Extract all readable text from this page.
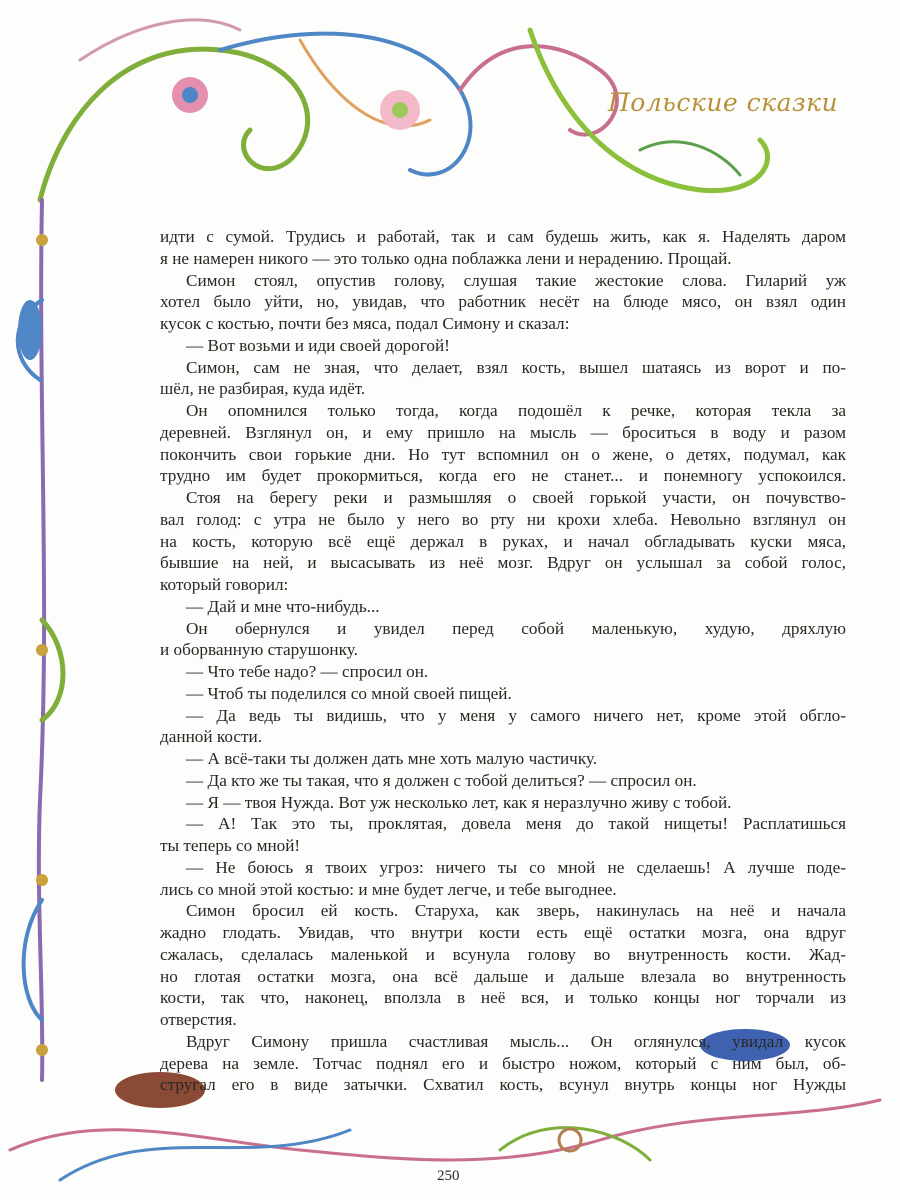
Польские сказки
идти с сумой. Трудись и работай, так и сам будешь жить, как я. Наделять даром
я не намерен никого — это только одна поблажка лени и нерадению. Прощай.
Симон стоял, опустив голову, слушая такие жестокие слова. Гиларий уж
хотел было уйти, но, увидав, что работник несёт на блюде мясо, он взял один
кусок с костью, почти без мяса, подал Симону и сказал:
— Вот возьми и иди своей дорогой!
Симон, сам не зная, что делает, взял кость, вышел шатаясь из ворот и по-
шёл, не разбирая, куда идёт.
Он опомнился только тогда, когда подошёл к речке, которая текла за
деревней. Взглянул он, и ему пришло на мысль — броситься в воду и разом
покончить свои горькие дни. Но тут вспомнил он о жене, о детях, подумал, как
трудно им будет прокормиться, когда его не станет... и понемногу успокоился.
Стоя на берегу реки и размышляя о своей горькой участи, он почувство-
вал голод: с утра не было у него во рту ни крохи хлеба. Невольно взглянул он
на кость, которую всё ещё держал в руках, и начал обгладывать куски мяса,
бывшие на ней, и высасывать из неё мозг. Вдруг он услышал за собой голос,
который говорил:
— Дай и мне что-нибудь...
Он обернулся и увидел перед собой маленькую, худую, дряхлую
и оборванную старушонку.
— Что тебе надо? — спросил он.
— Чтоб ты поделился со мной своей пищей.
— Да ведь ты видишь, что у меня у самого ничего нет, кроме этой обгло-
данной кости.
— А всё-таки ты должен дать мне хоть малую частичку.
— Да кто же ты такая, что я должен с тобой делиться? — спросил он.
— Я — твоя Нужда. Вот уж несколько лет, как я неразлучно живу с тобой.
— А! Так это ты, проклятая, довела меня до такой нищеты! Расплатишься
ты теперь со мной!
— Не боюсь я твоих угроз: ничего ты со мной не сделаешь! А лучше поде-
лись со мной этой костью: и мне будет легче, и тебе выгоднее.
Симон бросил ей кость. Старуха, как зверь, накинулась на неё и начала
жадно глодать. Увидав, что внутри кости есть ещё остатки мозга, она вдруг
сжалась, сделалась маленькой и всунула голову во внутренность кости. Жад-
но глотая остатки мозга, она всё дальше и дальше влезала во внутренность
кости, так что, наконец, вползла в неё вся, и только концы ног торчали из
отверстия.
Вдруг Симону пришла счастливая мысль... Он оглянулся, увидал кусок
дерева на земле. Тотчас поднял его и быстро ножом, который с ним был, об-
стругал его в виде затычки. Схватил кость, всунул внутрь концы ног Нужды
250
